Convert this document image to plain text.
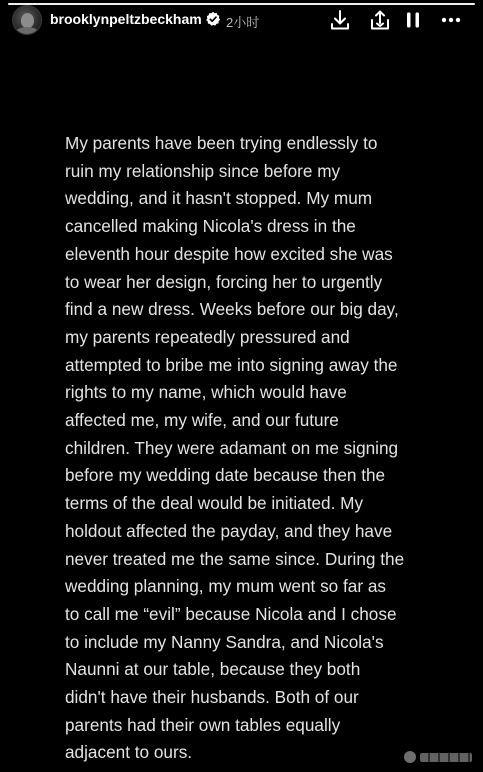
brooklynpeltzbeckham 2小时

My parents have been trying endlessly to
ruin my relationship since before my
wedding, and it hasn't stopped. My mum
cancelled making Nicola's dress in the
eleventh hour despite how excited she was
to wear her design, forcing her to urgently
find a new dress. Weeks before our big day,
my parents repeatedly pressured and
attempted to bribe me into signing away the
rights to my name, which would have
affected me, my wife, and our future
children. They were adamant on me signing
before my wedding date because then the
terms of the deal would be initiated. My
holdout affected the payday, and they have
never treated me the same since. During the
wedding planning, my mum went so far as
to call me “evil” because Nicola and I chose
to include my Nanny Sandra, and Nicola's
Naunni at our table, because they both
didn't have their husbands. Both of our
parents had their own tables equally
adjacent to ours.
